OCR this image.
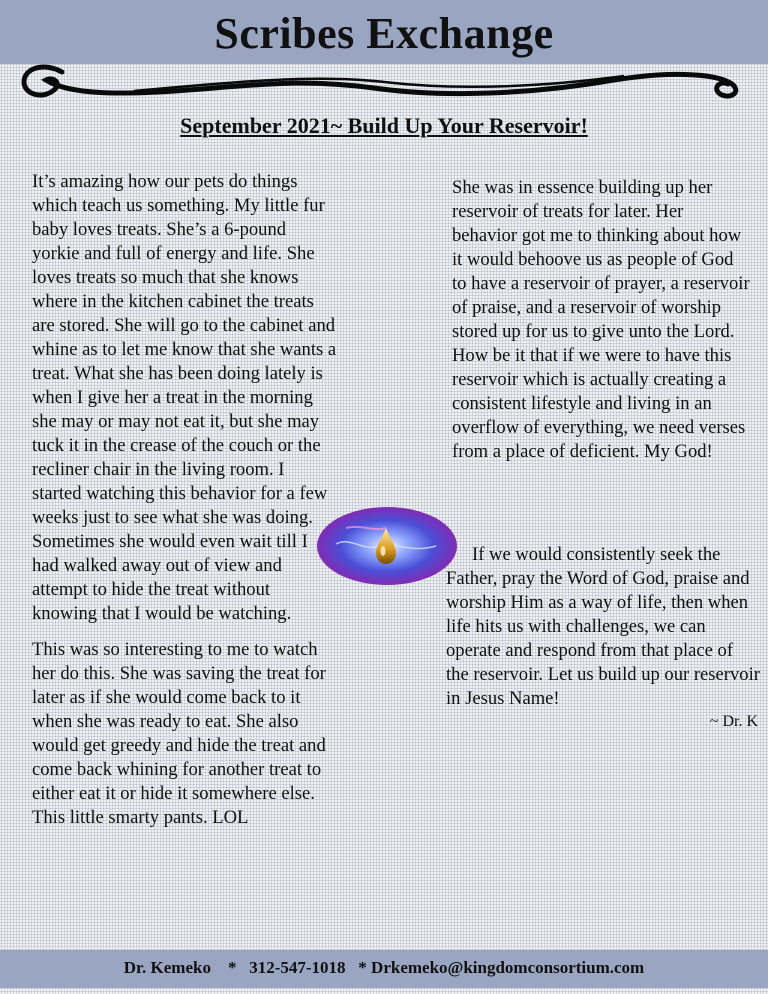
Scribes Exchange
September 2021~ Build Up Your Reservoir!

It’s amazing how our pets do things which teach us something. My little fur baby loves treats. She’s a 6-pound yorkie and full of energy and life. She loves treats so much that she knows where in the kitchen cabinet the treats are stored. She will go to the cabinet and whine as to let me know that she wants a treat. What she has been doing lately is when I give her a treat in the morning she may or may not eat it, but she may tuck it in the crease of the couch or the recliner chair in the living room. I started watching this behavior for a few weeks just to see what she was doing. Sometimes she would even wait till I had walked away out of view and attempt to hide the treat without knowing that I would be watching.

This was so interesting to me to watch her do this. She was saving the treat for later as if she would come back to it when she was ready to eat. She also would get greedy and hide the treat and come back whining for another treat to either eat it or hide it somewhere else. This little smarty pants. LOL

She was in essence building up her reservoir of treats for later. Her behavior got me to thinking about how it would behoove us as people of God to have a reservoir of prayer, a reservoir of praise, and a reservoir of worship stored up for us to give unto the Lord. How be it that if we were to have this reservoir which is actually creating a consistent lifestyle and living in an overflow of everything, we need verses from a place of deficient. My God!

If we would consistently seek the Father, pray the Word of God, praise and worship Him as a way of life, then when life hits us with challenges, we can operate and respond from that place of the reservoir. Let us build up our reservoir in Jesus Name!

~ Dr. K
Dr. Kemeko    *   312-547-1018   * Drkemeko@kingdomconsortium.com
